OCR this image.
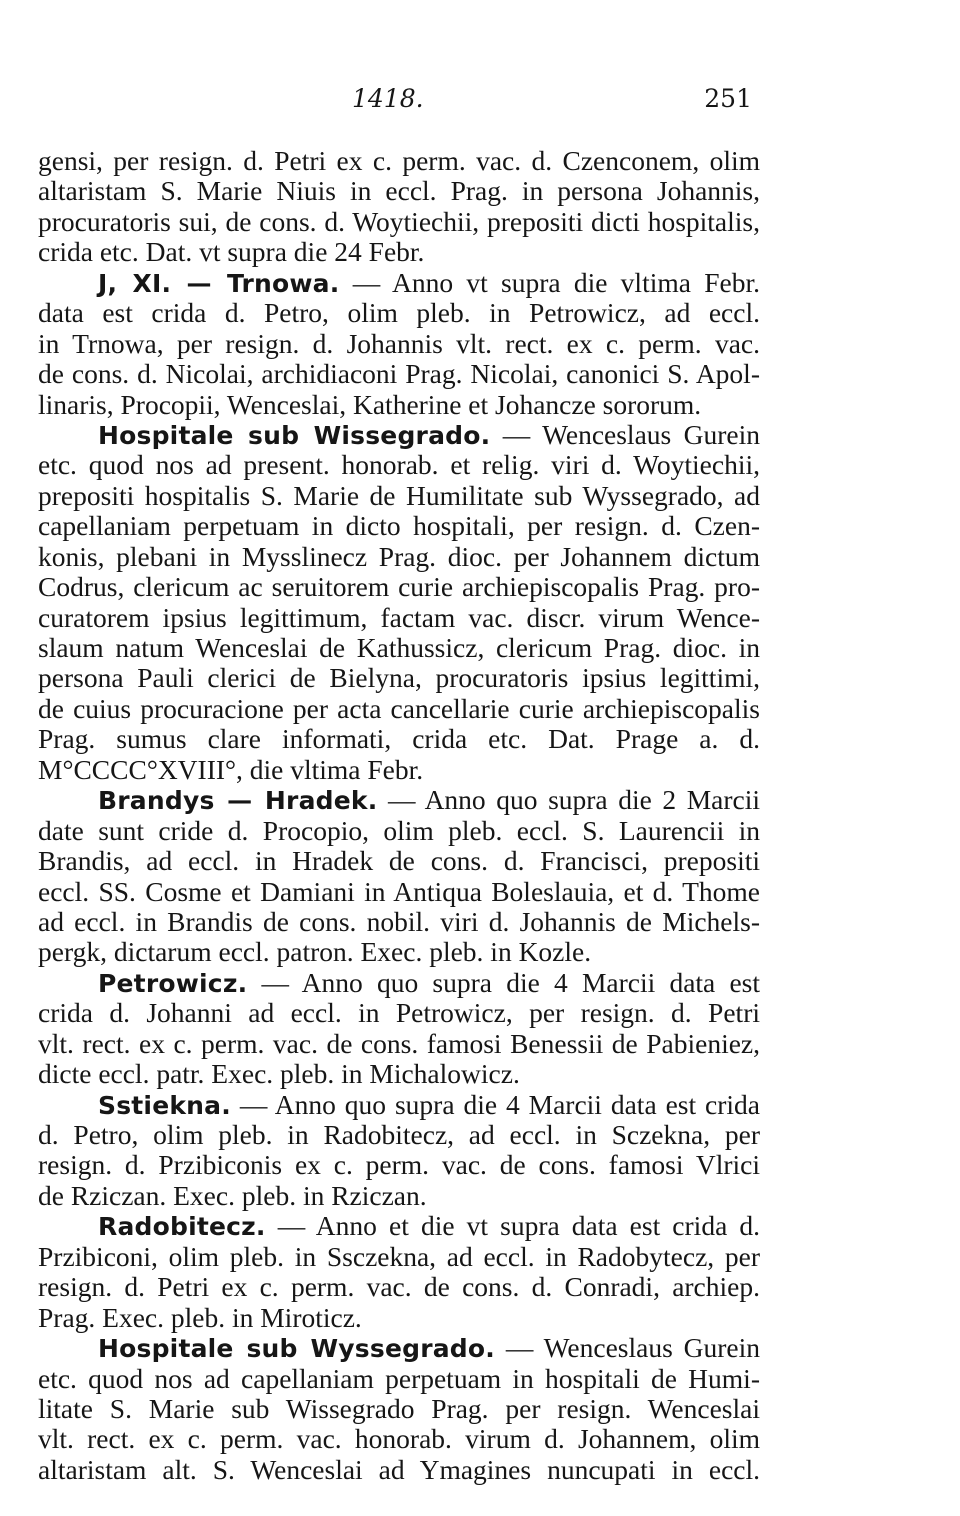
1418.	251
gensi, per resign. d. Petri ex c. perm. vac. d. Czenconem, olim
altaristam S. Marie Niuis in eccl. Prag. in persona Johannis,
procuratoris sui, de cons. d. Woytiechii, prepositi dicti hospitalis,
crida etc. Dat. vt supra die 24 Febr.
J, XI. — Trnowa. — Anno vt supra die vltima Febr.
data est crida d. Petro, olim pleb. in Petrowicz, ad eccl.
in Trnowa, per resign. d. Johannis vlt. rect. ex c. perm. vac.
de cons. d. Nicolai, archidiaconi Prag. Nicolai, canonici S. Apol-
linaris, Procopii, Wenceslai, Katherine et Johancze sororum.
Hospitale sub Wissegrado. — Wenceslaus Gurein
etc. quod nos ad present. honorab. et relig. viri d. Woytiechii,
prepositi hospitalis S. Marie de Humilitate sub Wyssegrado, ad
capellaniam perpetuam in dicto hospitali, per resign. d. Czen-
konis, plebani in Mysslinecz Prag. dioc. per Johannem dictum
Codrus, clericum ac seruitorem curie archiepiscopalis Prag. pro-
curatorem ipsius legittimum, factam vac. discr. virum Wence-
slaum natum Wenceslai de Kathussicz, clericum Prag. dioc. in
persona Pauli clerici de Bielyna, procuratoris ipsius legittimi,
de cuius procuracione per acta cancellarie curie archiepiscopalis
Prag. sumus clare informati, crida etc. Dat. Prage a. d.
M°CCCC°XVIII°, die vltima Febr.
Brandys — Hradek. — Anno quo supra die 2 Marcii
date sunt cride d. Procopio, olim pleb. eccl. S. Laurencii in
Brandis, ad eccl. in Hradek de cons. d. Francisci, prepositi
eccl. SS. Cosme et Damiani in Antiqua Boleslauia, et d. Thome
ad eccl. in Brandis de cons. nobil. viri d. Johannis de Michels-
pergk, dictarum eccl. patron. Exec. pleb. in Kozle.
Petrowicz. — Anno quo supra die 4 Marcii data est
crida d. Johanni ad eccl. in Petrowicz, per resign. d. Petri
vlt. rect. ex c. perm. vac. de cons. famosi Benessii de Pabieniez,
dicte eccl. patr. Exec. pleb. in Michalowicz.
Sstiekna. — Anno quo supra die 4 Marcii data est crida
d. Petro, olim pleb. in Radobitecz, ad eccl. in Sczekna, per
resign. d. Przibiconis ex c. perm. vac. de cons. famosi Vlrici
de Rziczan. Exec. pleb. in Rziczan.
Radobitecz. — Anno et die vt supra data est crida d.
Przibiconi, olim pleb. in Ssczekna, ad eccl. in Radobytecz, per
resign. d. Petri ex c. perm. vac. de cons. d. Conradi, archiep.
Prag. Exec. pleb. in Miroticz.
Hospitale sub Wyssegrado. — Wenceslaus Gurein
etc. quod nos ad capellaniam perpetuam in hospitali de Humi-
litate S. Marie sub Wissegrado Prag. per resign. Wenceslai
vlt. rect. ex c. perm. vac. honorab. virum d. Johannem, olim
altaristam alt. S. Wenceslai ad Ymagines nuncupati in eccl.
